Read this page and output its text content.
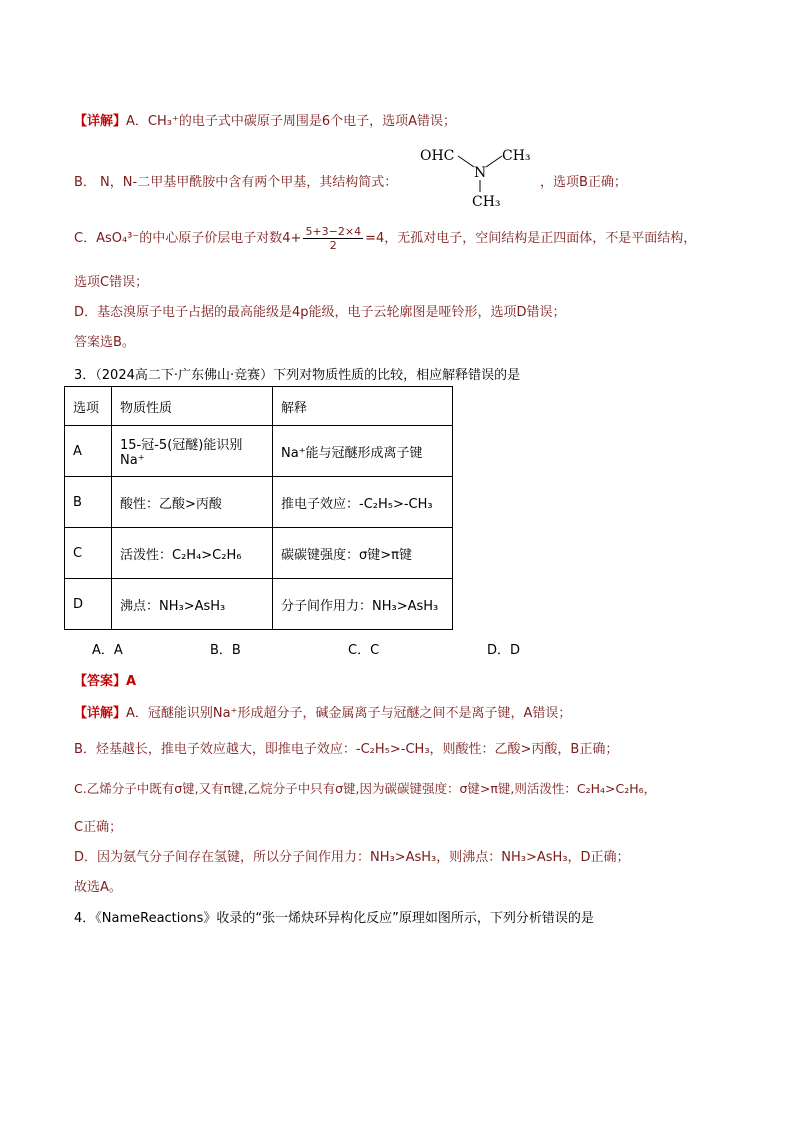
【详解】A．CH₃⁺的电子式中碳原子周围是6个电子，选项A错误；
B． N，N-二甲基甲酰胺中含有两个甲基，其结构简式：
OHC
N
CH₃
CH₃
，选项B正确；
C．AsO₄³⁻的中心原子价层电子对数$4+ \frac{5+3-2\times 4}{2} =4$，无孤对电子，空间结构是正四面体，不是平面结构，
选项C错误；
D．基态溴原子电子占据的最高能级是4p能级，电子云轮廓图是哑铃形，选项D错误；
答案选B。
3．（2024高二下·广东佛山·竞赛）下列对物质性质的比较，相应解释错误的是
选项	物质性质	解释
A	15-冠-5(冠醚)能识别Na⁺	Na⁺能与冠醚形成离子键
B	酸性：乙酸>丙酸	推电子效应：-C₂H₅>-CH₃
C	活泼性：C₂H₄>C₂H₆	碳碳键强度：σ键>π键
D	沸点：NH₃>AsH₃	分子间作用力：NH₃>AsH₃
A．A	B．B	C．C	D．D
【答案】A
【详解】A．冠醚能识别Na⁺形成超分子，碱金属离子与冠醚之间不是离子键，A错误；
B．烃基越长，推电子效应越大，即推电子效应：-C₂H₅>-CH₃，则酸性：乙酸>丙酸，B正确；
C.乙烯分子中既有σ键,又有π键,乙烷分子中只有σ键,因为碳碳键强度：σ键>π键,则活泼性：C₂H₄>C₂H₆，
C正确；
D．因为氨气分子间存在氢键，所以分子间作用力：NH₃>AsH₃，则沸点：NH₃>AsH₃，D正确；
故选A。
4．《NameReactions》收录的“张一烯炔环异构化反应”原理如图所示，下列分析错误的是
